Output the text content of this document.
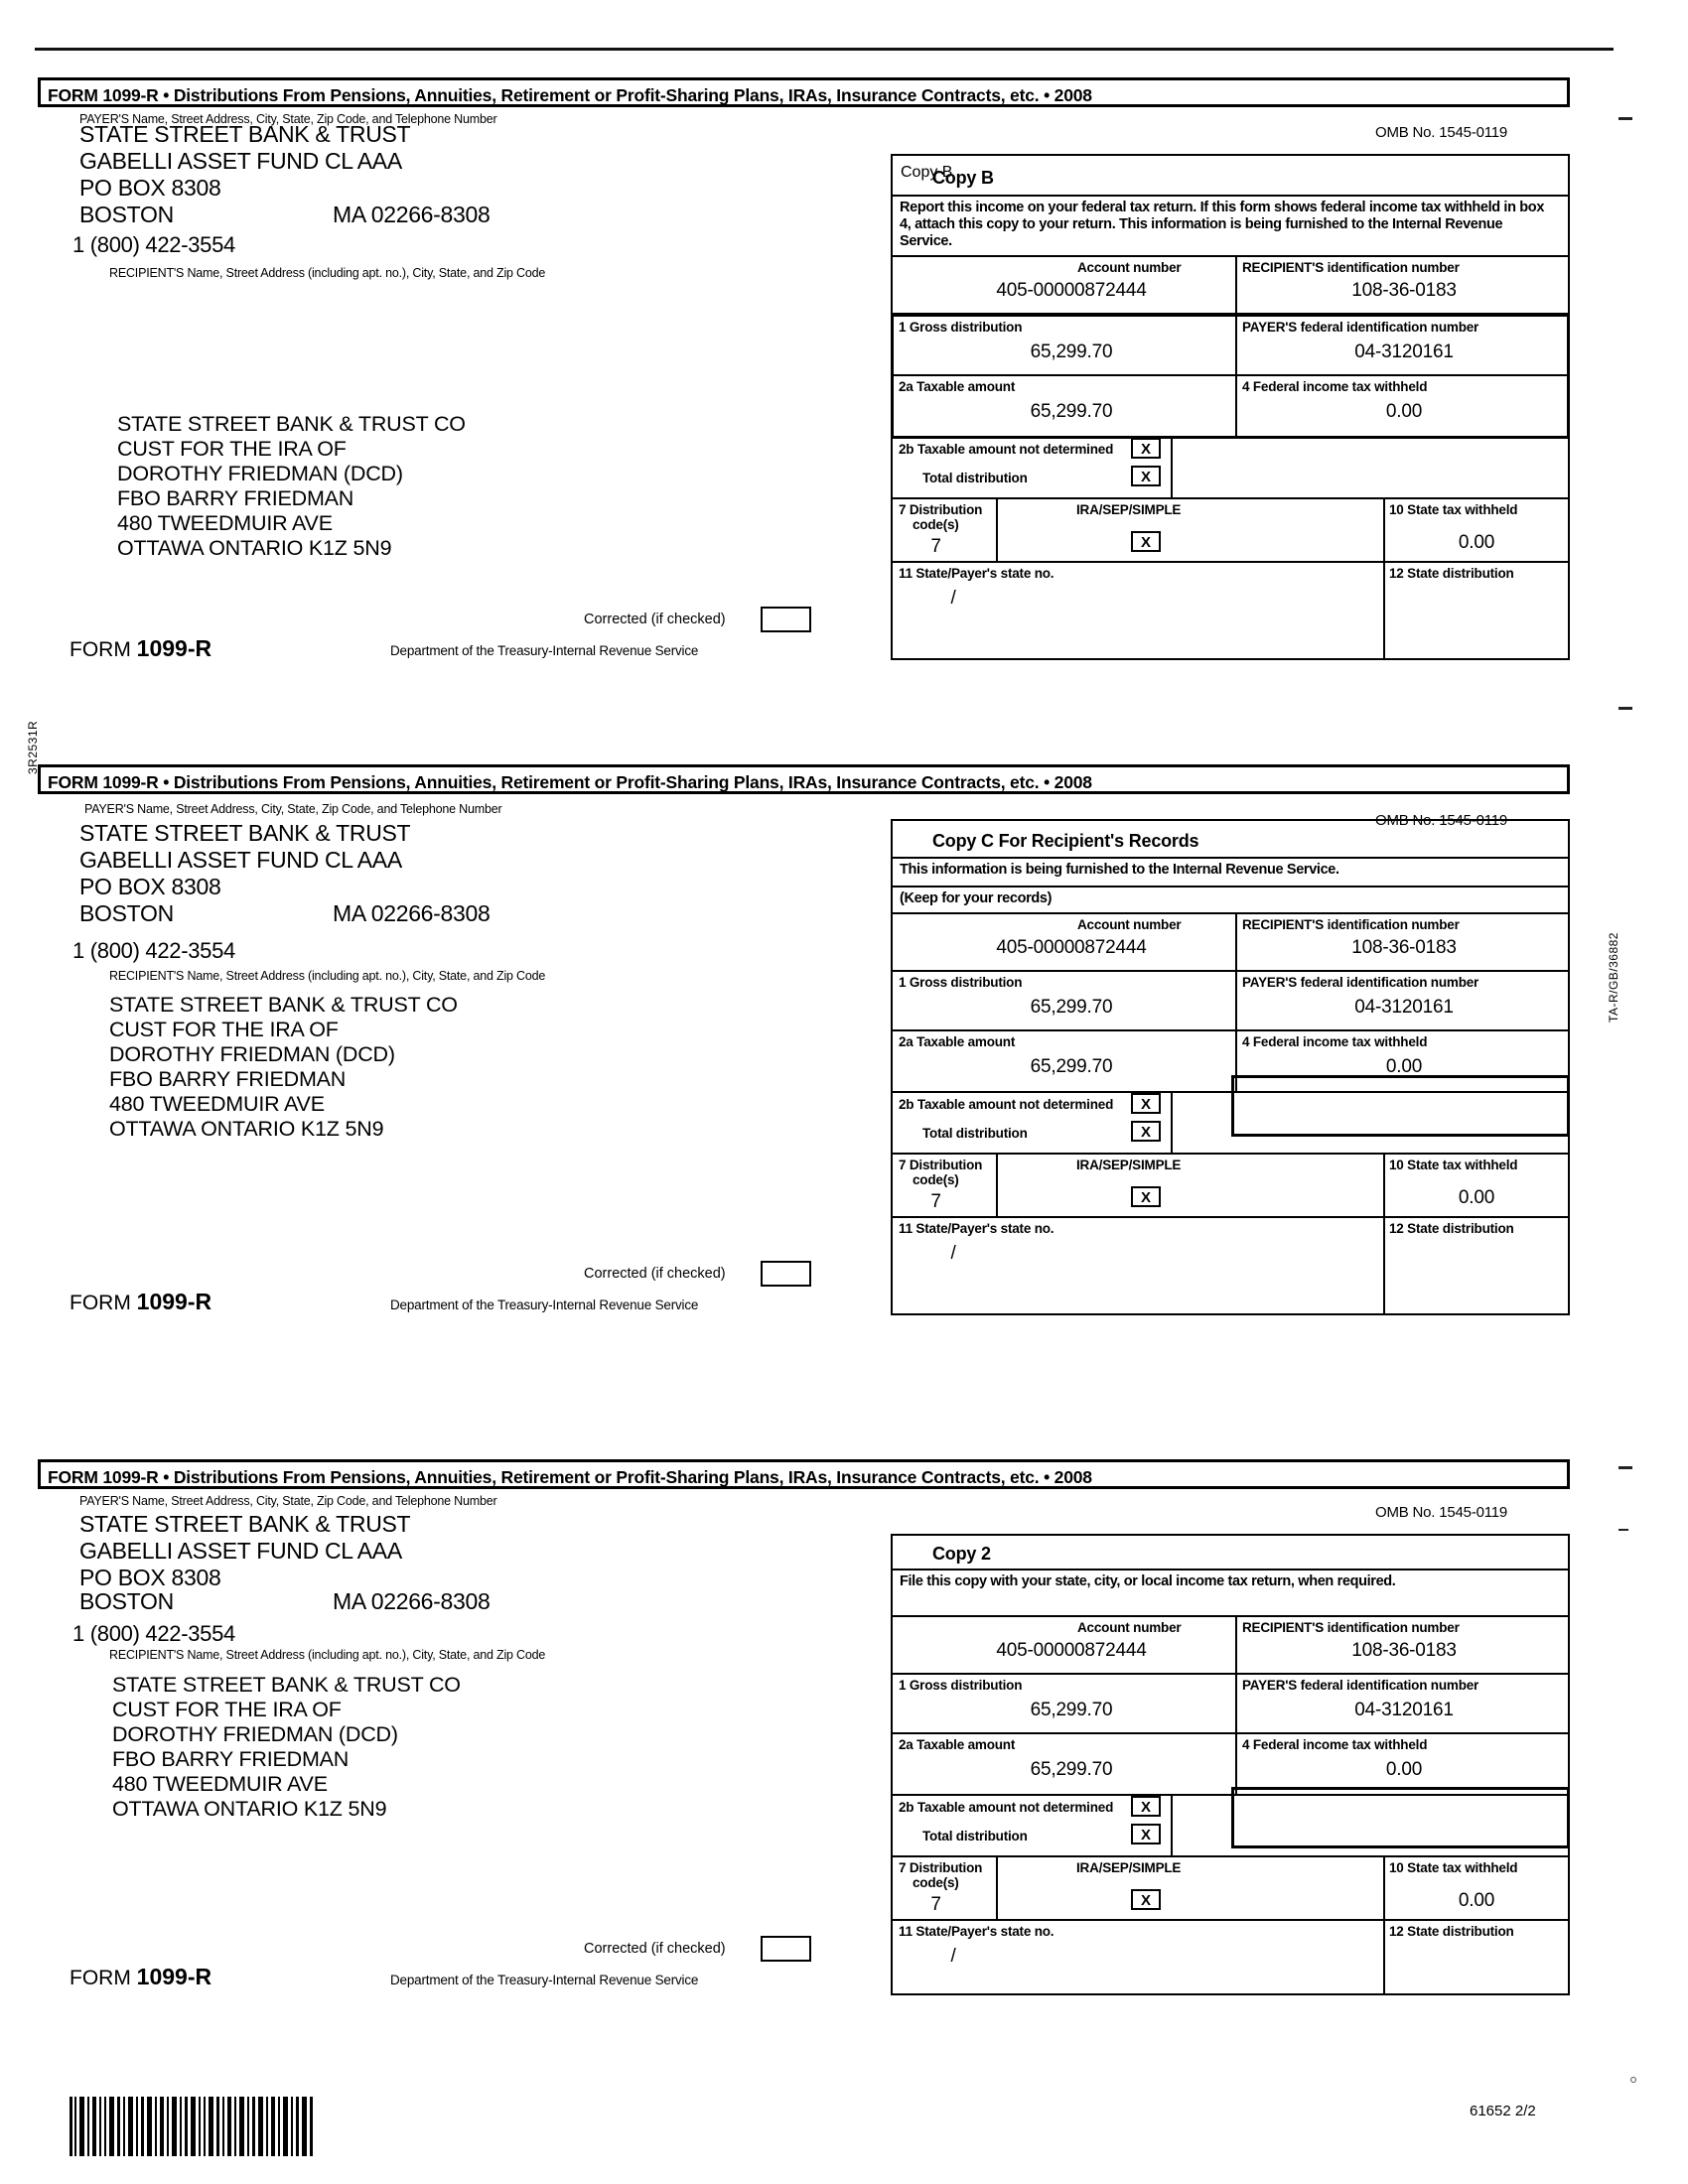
3R2531R
TA-R/GB/36882
FORM 1099-R • Distributions From Pensions, Annuities, Retirement or Profit-Sharing Plans, IRAs, Insurance Contracts, etc. • 2008
PAYER'S Name, Street Address, City, State, Zip Code, and Telephone Number
STATE STREET BANK & TRUST
GABELLI ASSET FUND CL AAA
PO BOX 8308
BOSTON	MA 02266-8308
1 (800) 422-3554
RECIPIENT'S Name, Street Address (including apt. no.), City, State, and Zip Code
STATE STREET BANK & TRUST CO
CUST FOR THE IRA OF
DOROTHY FRIEDMAN (DCD)
FBO BARRY FRIEDMAN
480 TWEEDMUIR AVE
OTTAWA ONTARIO K1Z 5N9
OMB No. 1545-0119
Corrected (if checked)
FORM 1099-R	Department of the Treasury-Internal Revenue Service
Copy B
Copy B
Report this income on your federal tax return. If this form shows federal income tax withheld in box 4, attach this copy to your return. This information is being furnished to the Internal Revenue Service.
Account number
405-00000872444
RECIPIENT'S identification number
108-36-0183
1 Gross distribution
65,299.70
PAYER'S federal identification number
04-3120161
2a Taxable amount
65,299.70
4 Federal income tax withheld
0.00
2b Taxable amount not determined	X
Total distribution	X
7 Distribution
code(s)
7
IRA/SEP/SIMPLE
X
10 State tax withheld
0.00
11 State/Payer's state no.
/
12 State distribution
FORM 1099-R • Distributions From Pensions, Annuities, Retirement or Profit-Sharing Plans, IRAs, Insurance Contracts, etc. • 2008
PAYER'S Name, Street Address, City, State, Zip Code, and Telephone Number
STATE STREET BANK & TRUST
GABELLI ASSET FUND CL AAA
PO BOX 8308
BOSTON	MA 02266-8308
1 (800) 422-3554
RECIPIENT'S Name, Street Address (including apt. no.), City, State, and Zip Code
STATE STREET BANK & TRUST CO
CUST FOR THE IRA OF
DOROTHY FRIEDMAN (DCD)
FBO BARRY FRIEDMAN
480 TWEEDMUIR AVE
OTTAWA ONTARIO K1Z 5N9
OMB No. 1545-0119
Corrected (if checked)
FORM 1099-R	Department of the Treasury-Internal Revenue Service
Copy C For Recipient's Records
This information is being furnished to the Internal Revenue Service.
(Keep for your records)
Account number
405-00000872444
RECIPIENT'S identification number
108-36-0183
1 Gross distribution
65,299.70
PAYER'S federal identification number
04-3120161
2a Taxable amount
65,299.70
4 Federal income tax withheld
0.00
2b Taxable amount not determined	X
Total distribution	X
7 Distribution
code(s)
7
IRA/SEP/SIMPLE
X
10 State tax withheld
0.00
11 State/Payer's state no.
/
12 State distribution
FORM 1099-R • Distributions From Pensions, Annuities, Retirement or Profit-Sharing Plans, IRAs, Insurance Contracts, etc. • 2008
PAYER'S Name, Street Address, City, State, Zip Code, and Telephone Number
STATE STREET BANK & TRUST
GABELLI ASSET FUND CL AAA
PO BOX 8308
BOSTON	MA 02266-8308
1 (800) 422-3554
RECIPIENT'S Name, Street Address (including apt. no.), City, State, and Zip Code
STATE STREET BANK & TRUST CO
CUST FOR THE IRA OF
DOROTHY FRIEDMAN (DCD)
FBO BARRY FRIEDMAN
480 TWEEDMUIR AVE
OTTAWA ONTARIO K1Z 5N9
OMB No. 1545-0119
Corrected (if checked)
FORM 1099-R	Department of the Treasury-Internal Revenue Service
Copy 2
File this copy with your state, city, or local income tax return, when required.
Account number
405-00000872444
RECIPIENT'S identification number
108-36-0183
1 Gross distribution
65,299.70
PAYER'S federal identification number
04-3120161
2a Taxable amount
65,299.70
4 Federal income tax withheld
0.00
2b Taxable amount not determined	X
Total distribution	X
7 Distribution
code(s)
7
IRA/SEP/SIMPLE
X
10 State tax withheld
0.00
11 State/Payer's state no.
/
12 State distribution
61652 2/2
